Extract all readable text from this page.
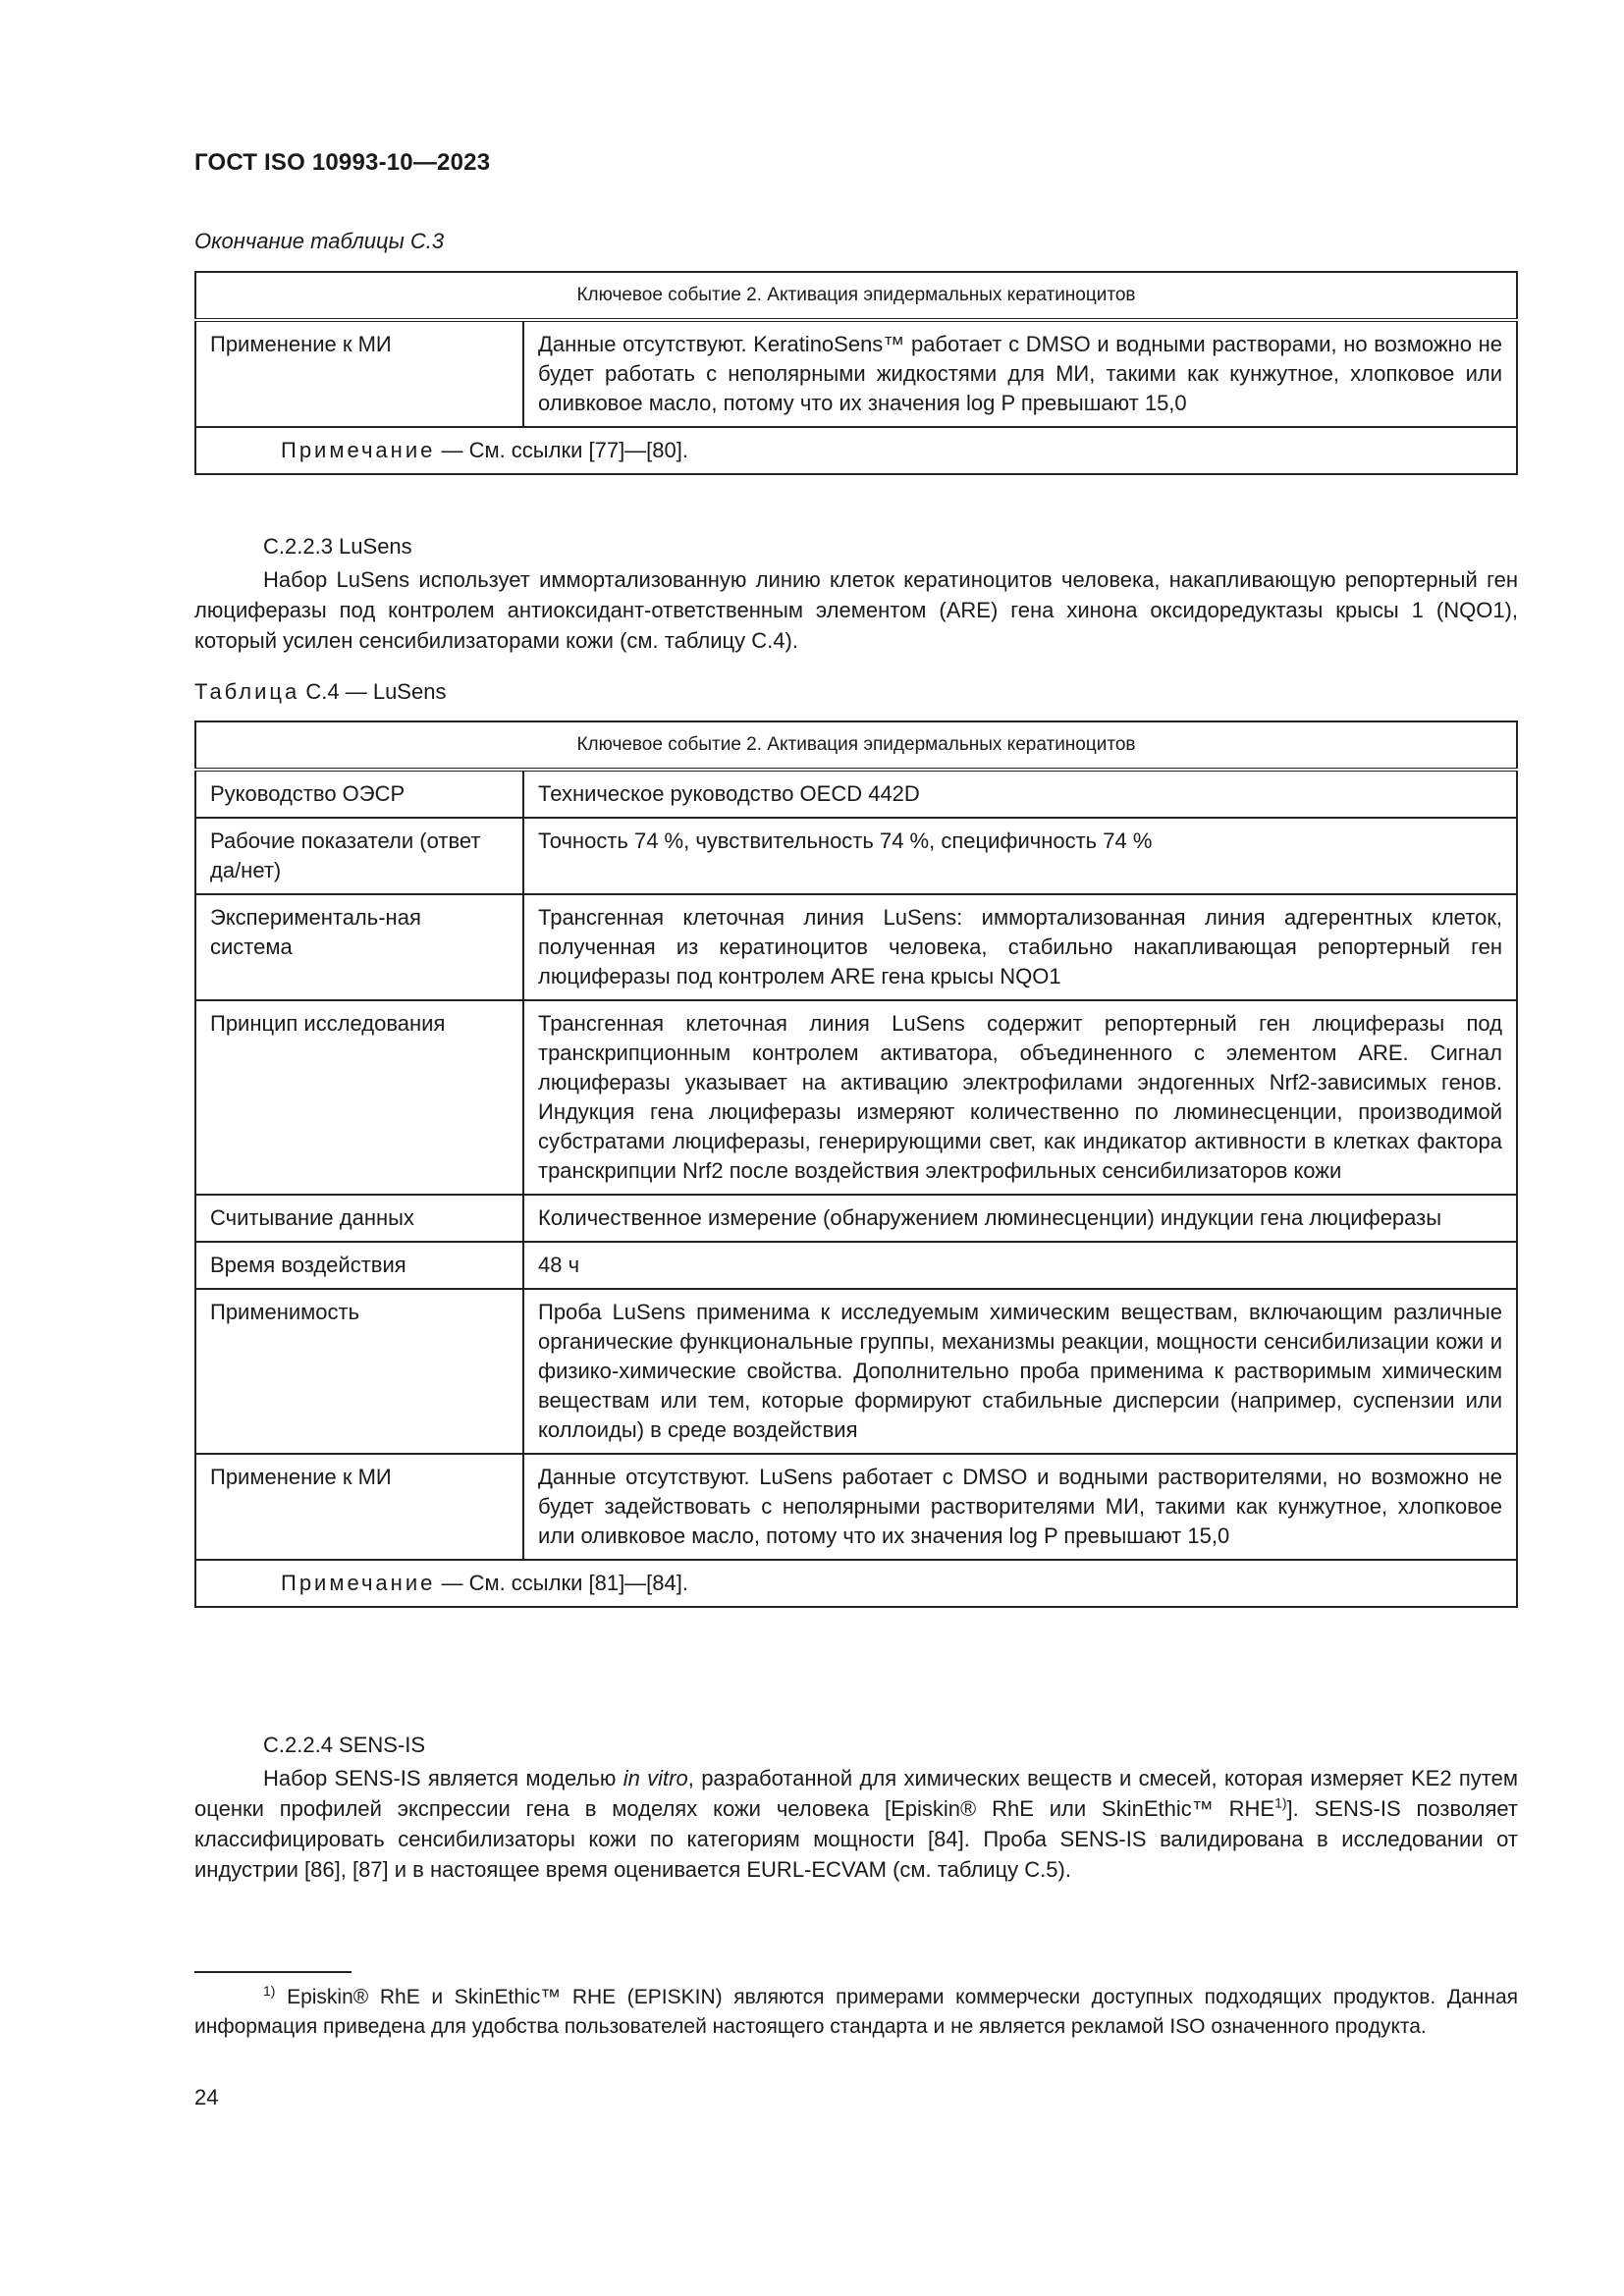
ГОСТ ISO 10993-10—2023
Окончание таблицы С.3
Ключевое событие 2. Активация эпидермальных кератиноцитов
Применение к МИ	Данные отсутствуют. KeratinoSens™ работает с DMSO и водными растворами, но возможно не будет работать с неполярными жидкостями для МИ, такими как кунжутное, хлопковое или оливковое масло, потому что их значения log P превышают 15,0
Примечание — См. ссылки [77]—[80].
С.2.2.3 LuSens
Набор LuSens использует иммортализованную линию клеток кератиноцитов человека, накапливающую репортерный ген люциферазы под контролем антиоксидант-ответственным элементом (ARE) гена хинона оксидоредуктазы крысы 1 (NQO1), который усилен сенсибилизаторами кожи (см. таблицу С.4).
Таблица С.4 — LuSens
Ключевое событие 2. Активация эпидермальных кератиноцитов	
Руководство ОЭСР	Техническое руководство OECD 442D
Рабочие показатели (ответ да/нет)	Точность 74 %, чувствительность 74 %, специфичность 74 %
Эксперименталь-ная система	Трансгенная клеточная линия LuSens: иммортализованная линия адгерентных клеток, полученная из кератиноцитов человека, стабильно накапливающая репортерный ген люциферазы под контролем ARE гена крысы NQO1
Принцип исследования	Трансгенная клеточная линия LuSens содержит репортерный ген люциферазы под транскрипционным контролем активатора, объединенного с элементом ARE. Сигнал люциферазы указывает на активацию электрофилами эндогенных Nrf2-зависимых генов. Индукция гена люциферазы измеряют количественно по люминесценции, производимой субстратами люциферазы, генерирующими свет, как индикатор активности в клетках фактора транскрипции Nrf2 после воздействия электрофильных сенсибилизаторов кожи
Считывание данных	Количественное измерение (обнаружением люминесценции) индукции гена люциферазы
Время воздействия	48 ч
Применимость	Проба LuSens применима к исследуемым химическим веществам, включающим различные органические функциональные группы, механизмы реакции, мощности сенсибилизации кожи и физико-химические свойства. Дополнительно проба применима к растворимым химическим веществам или тем, которые формируют стабильные дисперсии (например, суспензии или коллоиды) в среде воздействия
Применение к МИ	Данные отсутствуют. LuSens работает с DMSO и водными растворителями, но возможно не будет задействовать с неполярными растворителями МИ, такими как кунжутное, хлопковое или оливковое масло, потому что их значения log P превышают 15,0
Примечание — См. ссылки [81]—[84].	
С.2.2.4 SENS-IS
Набор SENS-IS является моделью in vitro, разработанной для химических веществ и смесей, которая измеряет KE2 путем оценки профилей экспрессии гена в моделях кожи человека [Episkin® RhE или SkinEthic™ RHE$^{1)}$]. SENS-IS позволяет классифицировать сенсибилизаторы кожи по категориям мощности [84]. Проба SENS-IS валидирована в исследовании от индустрии [86], [87] и в настоящее время оценивается EURL-ECVAM (см. таблицу С.5).
$^{1)}$ Episkin® RhE и SkinEthic™ RHE (EPISKIN) являются примерами коммерчески доступных подходящих продуктов. Данная информация приведена для удобства пользователей настоящего стандарта и не является рекламой ISO означенного продукта.
24
